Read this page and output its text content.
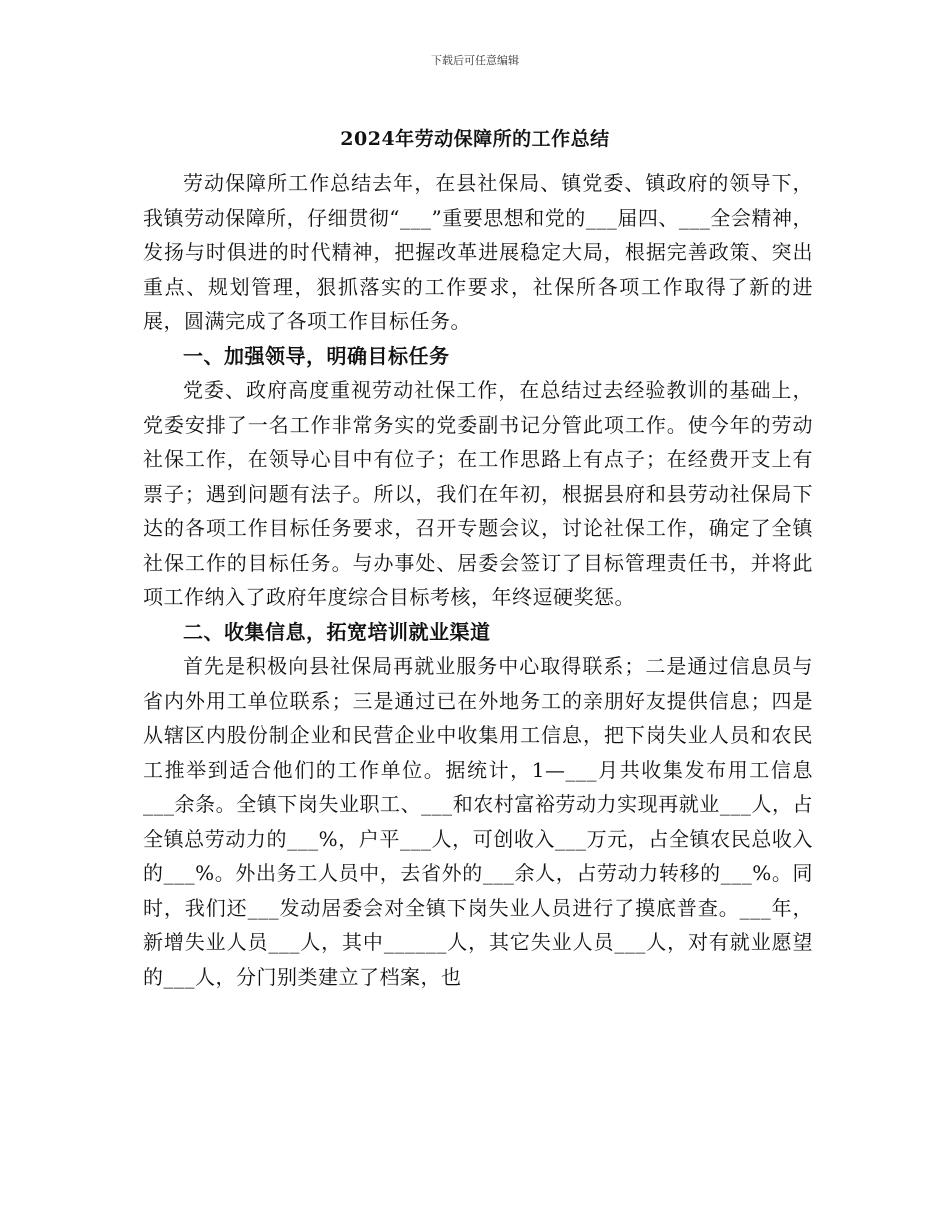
下载后可任意编辑
2024年劳动保障所的工作总结

劳动保障所工作总结去年，在县社保局、镇党委、镇政府的领导下，我镇劳动保障所，仔细贯彻“___”重要思想和党的___届四、___全会精神，发扬与时俱进的时代精神，把握改革进展稳定大局，根据完善政策、突出重点、规划管理，狠抓落实的工作要求，社保所各项工作取得了新的进展，圆满完成了各项工作目标任务。

一、加强领导，明确目标任务

党委、政府高度重视劳动社保工作，在总结过去经验教训的基础上，党委安排了一名工作非常务实的党委副书记分管此项工作。使今年的劳动社保工作，在领导心目中有位子；在工作思路上有点子；在经费开支上有票子；遇到问题有法子。所以，我们在年初，根据县府和县劳动社保局下达的各项工作目标任务要求，召开专题会议，讨论社保工作，确定了全镇社保工作的目标任务。与办事处、居委会签订了目标管理责任书，并将此项工作纳入了政府年度综合目标考核，年终逗硬奖惩。

二、收集信息，拓宽培训就业渠道

首先是积极向县社保局再就业服务中心取得联系；二是通过信息员与省内外用工单位联系；三是通过已在外地务工的亲朋好友提供信息；四是从辖区内股份制企业和民营企业中收集用工信息，把下岗失业人员和农民工推举到适合他们的工作单位。据统计，1—___月共收集发布用工信息___余条。全镇下岗失业职工、___和农村富裕劳动力实现再就业___人，占全镇总劳动力的___%，户平___人，可创收入___万元，占全镇农民总收入的___%。外出务工人员中，去省外的___余人，占劳动力转移的___%。同时，我们还___发动居委会对全镇下岗失业人员进行了摸底普查。___年，新增失业人员___人，其中______人，其它失业人员___人，对有就业愿望的___人，分门别类建立了档案，也
